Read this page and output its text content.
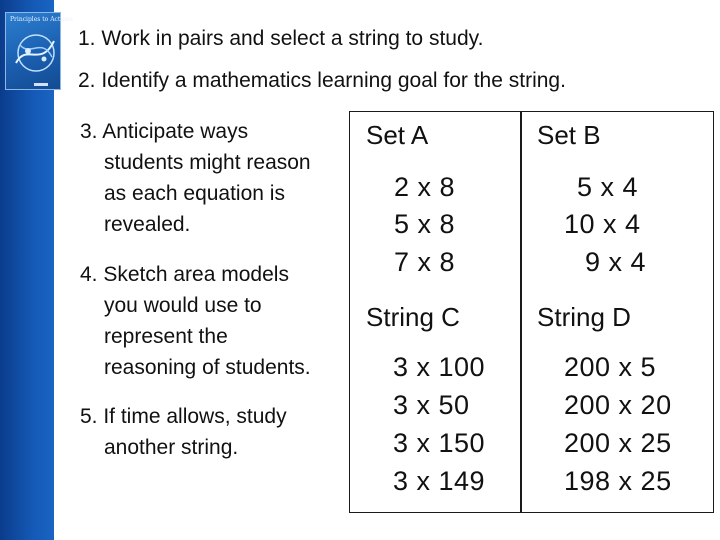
Principles to Actions
1. Work in pairs and select a string to study.
2. Identify a mathematics learning goal for the string.
3. Anticipate ways
students might reason
as each equation is
revealed.
4. Sketch area models
you would use to
represent the
reasoning of students.
5. If time allows, study
another string.
Set A
2 x 8
5 x 8
7 x 8
Set B
5 x 4
10 x 4
9 x 4
String C
3 x 100
3 x 50
3 x 150
3 x 149
String D
200 x 5
200 x 20
200 x 25
198 x 25
